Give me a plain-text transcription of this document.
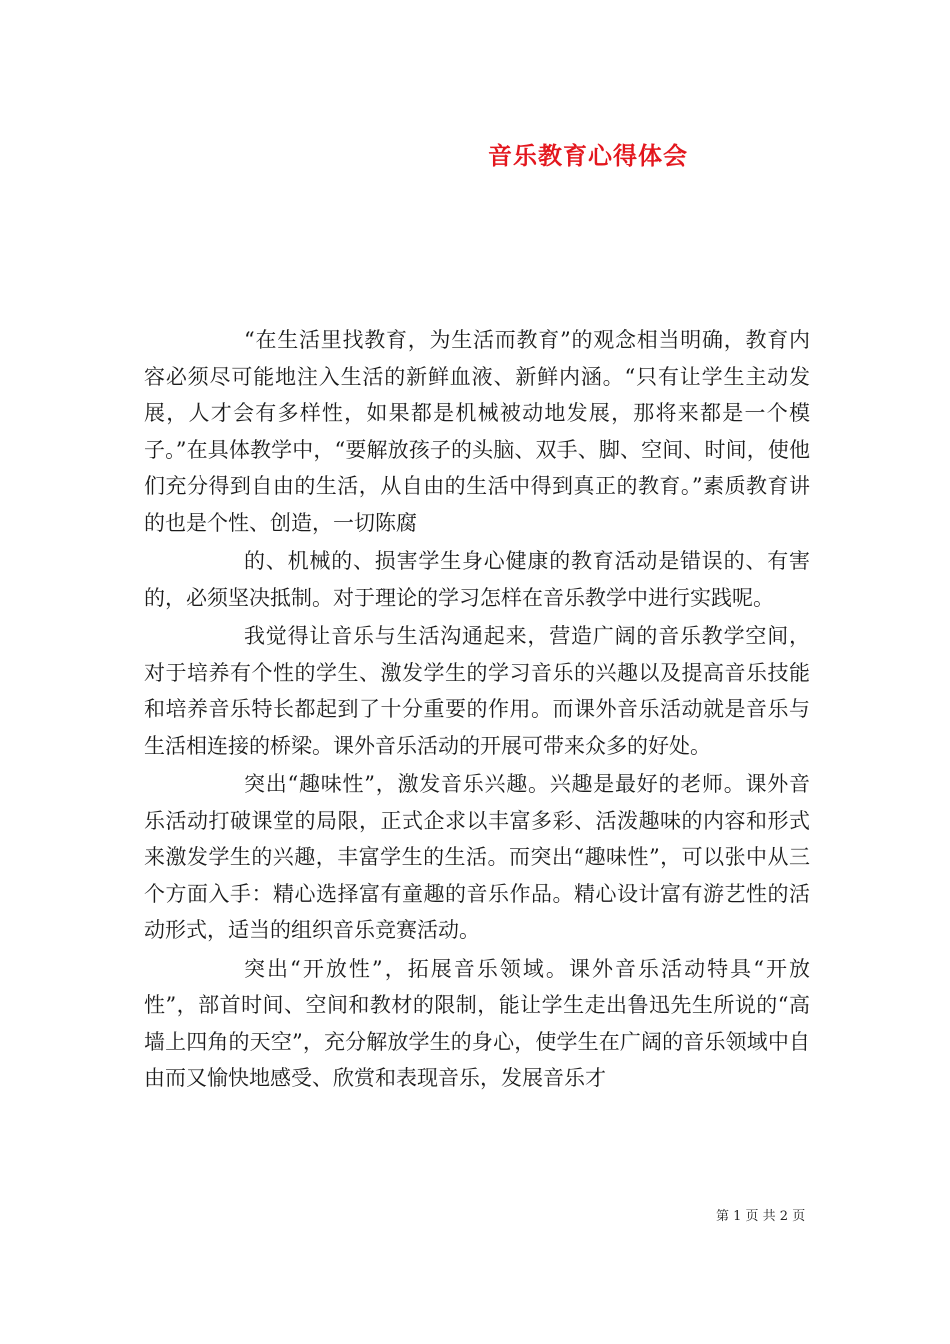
音乐教育心得体会

“在生活里找教育，为生活而教育”的观念相当明确，教育内容必须尽可能地注入生活的新鲜血液、新鲜内涵。“只有让学生主动发展，人才会有多样性，如果都是机械被动地发展，那将来都是一个模子。”在具体教学中，“要解放孩子的头脑、双手、脚、空间、时间，使他们充分得到自由的生活，从自由的生活中得到真正的教育。”素质教育讲的也是个性、创造，一切陈腐

的、机械的、损害学生身心健康的教育活动是错误的、有害的，必须坚决抵制。对于理论的学习怎样在音乐教学中进行实践呢。

我觉得让音乐与生活沟通起来，营造广阔的音乐教学空间，对于培养有个性的学生、激发学生的学习音乐的兴趣以及提高音乐技能和培养音乐特长都起到了十分重要的作用。而课外音乐活动就是音乐与生活相连接的桥梁。课外音乐活动的开展可带来众多的好处。

突出“趣味性”，激发音乐兴趣。兴趣是最好的老师。课外音乐活动打破课堂的局限，正式企求以丰富多彩、活泼趣味的内容和形式来激发学生的兴趣，丰富学生的生活。而突出“趣味性”，可以张中从三个方面入手：精心选择富有童趣的音乐作品。精心设计富有游艺性的活动形式，适当的组织音乐竞赛活动。

突出“开放性”，拓展音乐领域。课外音乐活动特具“开放性”，部首时间、空间和教材的限制，能让学生走出鲁迅先生所说的“高墙上四角的天空”，充分解放学生的身心，使学生在广阔的音乐领域中自由而又愉快地感受、欣赏和表现音乐，发展音乐才

第 1 页 共 2 页
